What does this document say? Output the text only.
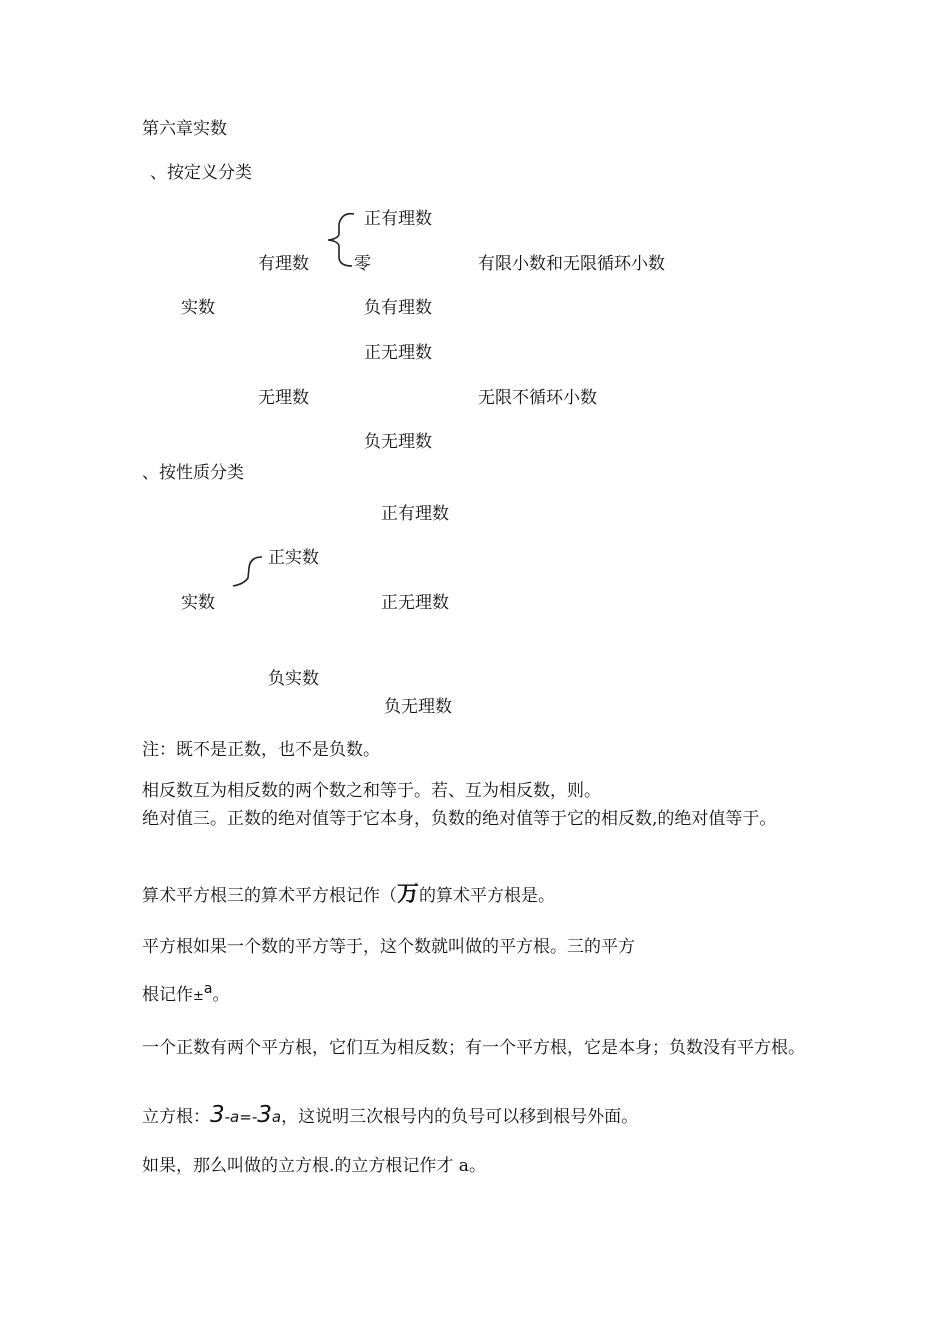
第六章实数
、按定义分类
正有理数
有理数	零	有限小数和无限循环小数
实数	负有理数
正无理数
无理数	无限不循环小数
负无理数
、按性质分类
正有理数
正实数
实数	正无理数
负实数
负无理数
注：既不是正数，也不是负数。
相反数互为相反数的两个数之和等于。若、互为相反数，则。
绝对值三。正数的绝对值等于它本身，负数的绝对值等于它的相反数,的绝对值等于。
算术平方根三的算术平方根记作（万的算术平方根是。
平方根如果一个数的平方等于，这个数就叫做的平方根。三的平方
根记作±$^a$。
一个正数有两个平方根，它们互为相反数；有一个平方根，它是本身；负数没有平方根。
立方根：3-a=-3a，这说明三次根号内的负号可以移到根号外面。
如果，那么叫做的立方根.的立方根记作才 a。
